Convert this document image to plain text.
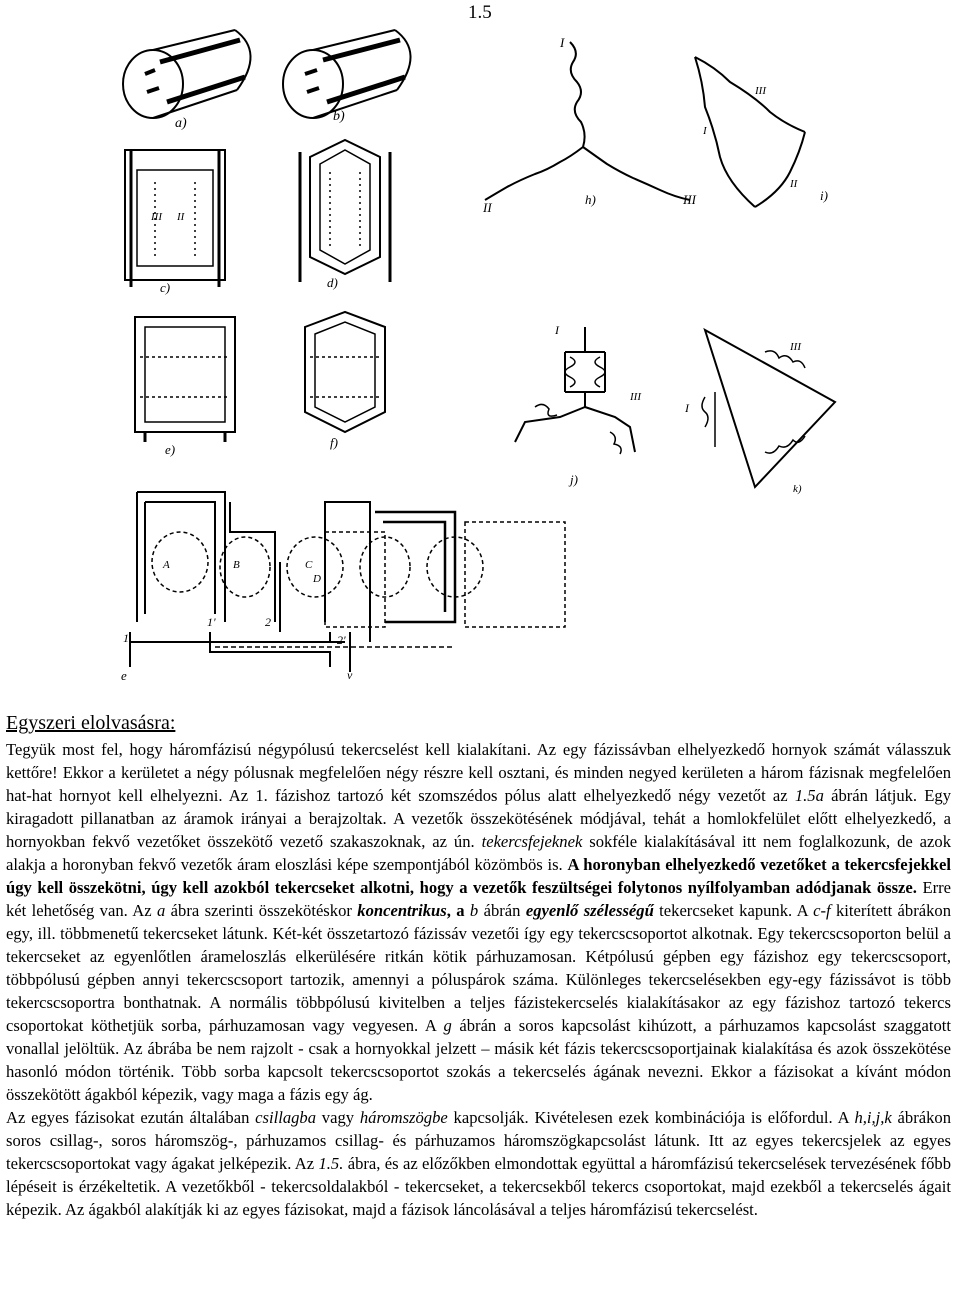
1.5
a)	b)
III II
c)	d)
e)	f)
I
II
III
h)
III
I
II
i)
I
III
j)
III
I
k)
A	B	C
D
1
1'	2
2'
e	v
Egyszeri elolvasásra:

Tegyük most fel, hogy háromfázisú négypólusú tekercselést kell kialakítani. Az egy fázissávban elhelyezkedő hornyok számát válasszuk kettőre! Ekkor a kerületet a négy pólusnak megfelelően négy részre kell osztani, és minden negyed kerületen a három fázisnak megfelelően hat-hat hornyot kell elhelyezni. Az 1. fázishoz tartozó két szomszédos pólus alatt elhelyezkedő négy vezetőt az 1.5a ábrán látjuk. Egy kiragadott pillanatban az áramok irányai a berajzoltak. A vezetők összekötésének módjával, tehát a homlokfelület előtt elhelyezkedő, a hornyokban fekvő vezetőket összekötő vezető szakaszoknak, az ún. tekercsfejeknek sokféle kialakításával itt nem foglalkozunk, de azok alakja a horonyban fekvő vezetők áram eloszlási képe szempontjából közömbös is. A horonyban elhelyezkedő vezetőket a tekercsfejekkel úgy kell összekötni, úgy kell azokból tekercseket alkotni, hogy a vezetők feszültségei folytonos nyílfolyamban adódjanak össze. Erre két lehetőség van. Az a ábra szerinti összekötéskor koncentrikus, a b ábrán egyenlő szélességű tekercseket kapunk. A c-f kiterített ábrákon egy, ill. többmenetű tekercseket látunk. Két-két összetartozó fázissáv vezetői így egy tekercscsoportot alkotnak. Egy tekercscsoporton belül a tekercseket az egyenlőtlen árameloszlás elkerülésére ritkán kötik párhuzamosan. Kétpólusú gépben egy fázishoz egy tekercscsoport, többpólusú gépben annyi tekercscsoport tartozik, amennyi a póluspárok száma. Különleges tekercselésekben egy-egy fázissávot is több tekercscsoportra bonthatnak. A normális többpólusú kivitelben a teljes fázistekercselés kialakításakor az egy fázishoz tartozó tekercs csoportokat köthetjük sorba, párhuzamosan vagy vegyesen. A g ábrán a soros kapcsolást kihúzott, a párhuzamos kapcsolást szaggatott vonallal jelöltük. Az ábrába be nem rajzolt - csak a hornyokkal jelzett – másik két fázis tekercscsoportjainak kialakítása és azok összekötése hasonló módon történik. Több sorba kapcsolt tekercscsoportot szokás a tekercselés ágának nevezni. Ekkor a fázisokat a kívánt módon összekötött ágakból képezik, vagy maga a fázis egy ág.
Az egyes fázisokat ezután általában csillagba vagy háromszögbe kapcsolják. Kivételesen ezek kombinációja is előfordul. A h,i,j,k ábrákon soros csillag-, soros háromszög-, párhuzamos csillag- és párhuzamos háromszögkapcsolást látunk. Itt az egyes tekercsjelek az egyes tekercscsoportokat vagy ágakat jelképezik. Az 1.5. ábra, és az előzőkben elmondottak együttal a háromfázisú tekercselések tervezésének főbb lépéseit is érzékeltetik. A vezetőkből - tekercsoldalakból - tekercseket, a tekercsekből tekercs csoportokat, majd ezekből a tekercselés ágait képezik. Az ágakból alakítják ki az egyes fázisokat, majd a fázisok láncolásával a teljes háromfázisú tekercselést.
